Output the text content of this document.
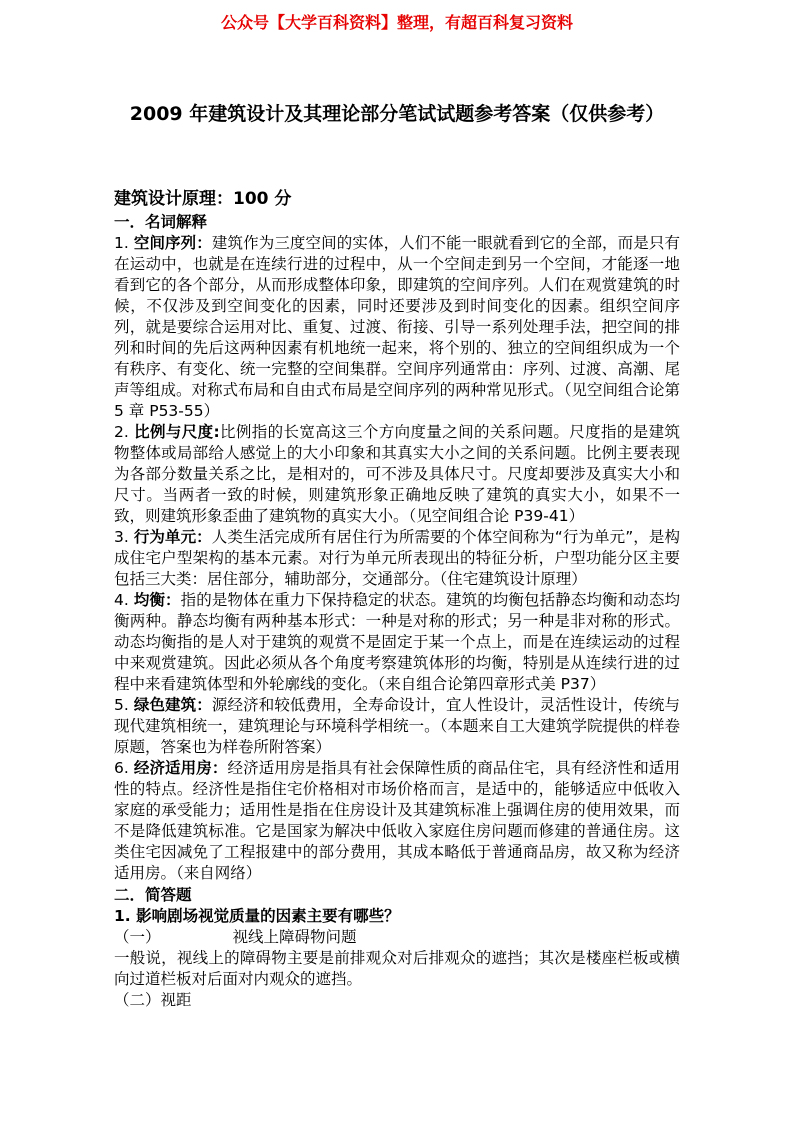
公众号【大学百科资料】整理，有超百科复习资料

2009 年建筑设计及其理论部分笔试试题参考答案（仅供参考）
建筑设计原理：100 分
一．名词解释

1. 空间序列：建筑作为三度空间的实体，人们不能一眼就看到它的全部，而是只有在运动中，也就是在连续行进的过程中，从一个空间走到另一个空间，才能逐一地看到它的各个部分，从而形成整体印象，即建筑的空间序列。人们在观赏建筑的时候，不仅涉及到空间变化的因素，同时还要涉及到时间变化的因素。组织空间序列，就是要综合运用对比、重复、过渡、衔接、引导一系列处理手法，把空间的排列和时间的先后这两种因素有机地统一起来，将个别的、独立的空间组织成为一个有秩序、有变化、统一完整的空间集群。空间序列通常由：序列、过渡、高潮、尾声等组成。对称式布局和自由式布局是空间序列的两种常见形式。（见空间组合论第 5 章 P53-55）

2. 比例与尺度:比例指的长宽高这三个方向度量之间的关系问题。尺度指的是建筑物整体或局部给人感觉上的大小印象和其真实大小之间的关系问题。比例主要表现为各部分数量关系之比，是相对的，可不涉及具体尺寸。尺度却要涉及真实大小和尺寸。当两者一致的时候，则建筑形象正确地反映了建筑的真实大小，如果不一致，则建筑形象歪曲了建筑物的真实大小。（见空间组合论 P39-41）

3. 行为单元：人类生活完成所有居住行为所需要的个体空间称为“行为单元”，是构成住宅户型架构的基本元素。对行为单元所表现出的特征分析，户型功能分区主要包括三大类：居住部分，辅助部分，交通部分。（住宅建筑设计原理）

4. 均衡：指的是物体在重力下保持稳定的状态。建筑的均衡包括静态均衡和动态均衡两种。静态均衡有两种基本形式：一种是对称的形式；另一种是非对称的形式。动态均衡指的是人对于建筑的观赏不是固定于某一个点上，而是在连续运动的过程中来观赏建筑。因此必须从各个角度考察建筑体形的均衡，特别是从连续行进的过程中来看建筑体型和外轮廓线的变化。（来自组合论第四章形式美 P37）

5. 绿色建筑：源经济和较低费用，全寿命设计，宜人性设计，灵活性设计，传统与现代建筑相统一，建筑理论与环境科学相统一。（本题来自工大建筑学院提供的样卷原题，答案也为样卷所附答案）

6. 经济适用房：经济适用房是指具有社会保障性质的商品住宅，具有经济性和适用性的特点。经济性是指住宅价格相对市场价格而言，是适中的，能够适应中低收入家庭的承受能力；适用性是指在住房设计及其建筑标准上强调住房的使用效果，而不是降低建筑标准。它是国家为解决中低收入家庭住房问题而修建的普通住房。这类住宅因减免了工程报建中的部分费用，其成本略低于普通商品房，故又称为经济适用房。（来自网络）

二．简答题

1. 影响剧场视觉质量的因素主要有哪些？

（一）	视线上障碍物问题

一般说，视线上的障碍物主要是前排观众对后排观众的遮挡；其次是楼座栏板或横向过道栏板对后面对内观众的遮挡。

（二）视距
